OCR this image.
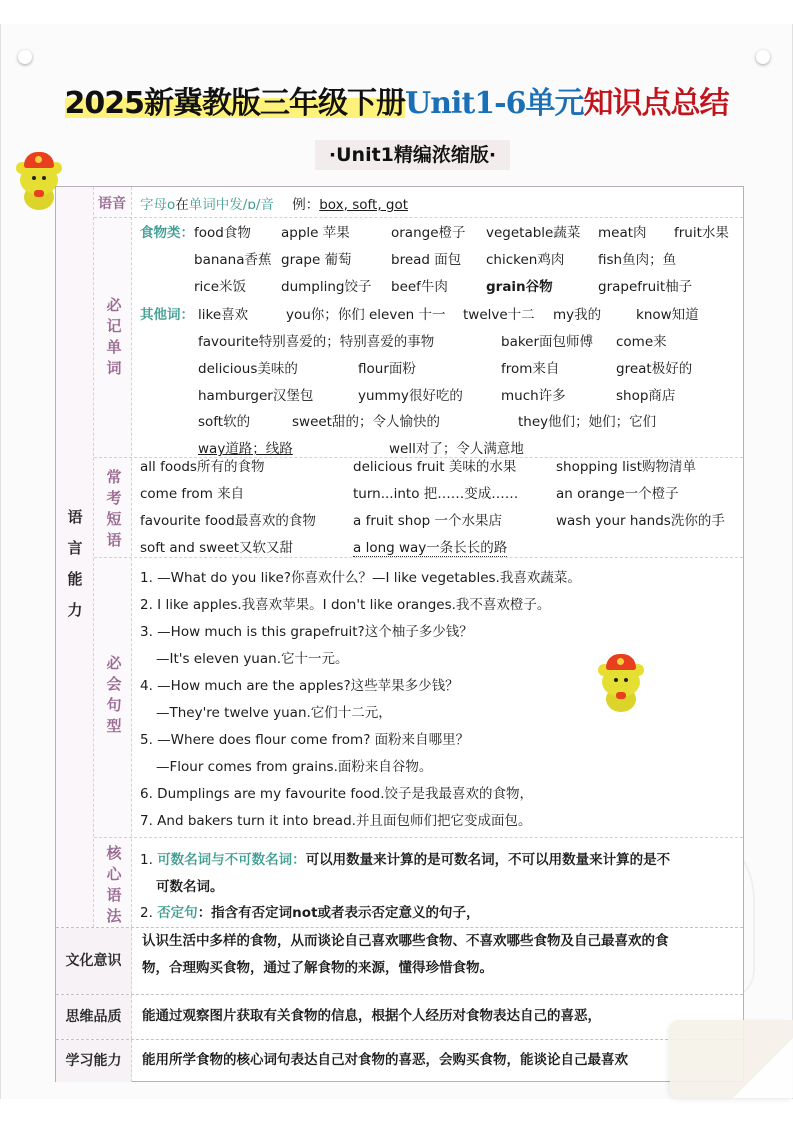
2025新冀教版三年级下册Unit1-6单元知识点总结
·Unit1精编浓缩版·
语
言
能
力
语音 字母o在单词中发/ɒ/音 例：box, soft, got
必
记
单
词
食物类： food食物 apple 苹果	orange橙子 vegetable蔬菜 meat肉 fruit水果
banana香蕉 grape 葡萄	bread 面包 chicken鸡肉 fish鱼肉；鱼
rice米饭	dumpling饺子 beef牛肉	grain谷物	grapefruit柚子
其他词： like喜欢	you你；你们 eleven 十一 twelve十二 my我的	know知道
favourite特别喜爱的；特别喜爱的事物	baker面包师傅 come来
delicious美味的	flour面粉	from来自	great极好的
hamburger汉堡包	yummy很好吃的	much许多	shop商店
soft软的	sweet甜的；令人愉快的	they他们；她们；它们
way道路；线路	well对了；令人满意地
常
考
短
语
all foods所有的食物	delicious fruit 美味的水果	shopping list购物清单
come from 来自	turn...into 把……变成……	an orange一个橙子
favourite food最喜欢的食物	a fruit shop 一个水果店	wash your hands洗你的手
soft and sweet又软又甜	a long way一条长长的路
必
会
句
型
1. —What do you like?你喜欢什么？—I like vegetables.我喜欢蔬菜。
2. I like apples.我喜欢苹果。I don't like oranges.我不喜欢橙子。
3. —How much is this grapefruit?这个柚子多少钱？
—It's eleven yuan.它十一元。
4. —How much are the apples?这些苹果多少钱？
—They're twelve yuan.它们十二元，
5. —Where does flour come from? 面粉来自哪里？
—Flour comes from grains.面粉来自谷物。
6. Dumplings are my favourite food.饺子是我最喜欢的食物，
7. And bakers turn it into bread.并且面包师们把它变成面包。
核
心
语
法
1. 可数名词与不可数名词：可以用数量来计算的是可数名词，不可以用数量来计算的是不
可数名词。
2. 否定句：指含有否定词not或者表示否定意义的句子，
文化意识
认识生活中多样的食物，从而谈论自己喜欢哪些食物、不喜欢哪些食物及自己最喜欢的食
物，合理购买食物，通过了解食物的来源，懂得珍惜食物。
思维品质	能通过观察图片获取有关食物的信息，根据个人经历对食物表达自己的喜恶，
学习能力	能用所学食物的核心词句表达自己对食物的喜恶，会购买食物，能谈论自己最喜欢
